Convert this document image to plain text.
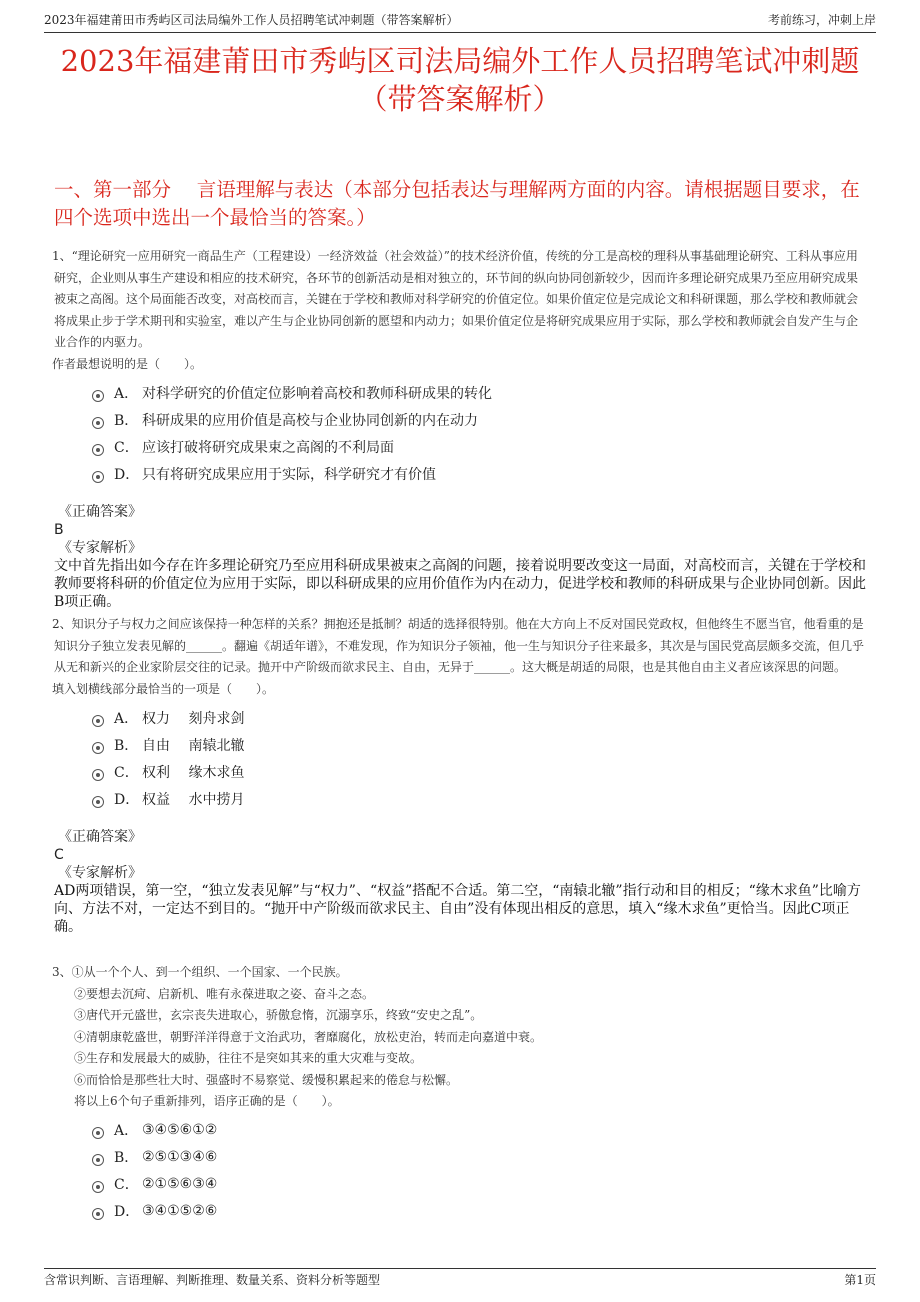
2023年福建莆田市秀屿区司法局编外工作人员招聘笔试冲刺题（带答案解析）	考前练习，冲刺上岸
2023年福建莆田市秀屿区司法局编外工作人员招聘笔试冲刺题
（带答案解析）
一、第一部分　 言语理解与表达（本部分包括表达与理解两方面的内容。请根据题目要求，在四个选项中选出一个最恰当的答案。）
1、“理论研究一应用研究一商品生产（工程建设）一经济效益（社会效益）”的技术经济价值，传统的分工是高校的理科从事基础理论研究、工科从事应用研究，企业则从事生产建设和相应的技术研究，各环节的创新活动是相对独立的，环节间的纵向协同创新较少，因而许多理论研究成果乃至应用研究成果被束之高阁。这个局面能否改变，对高校而言，关键在于学校和教师对科学研究的价值定位。如果价值定位是完成论文和科研课题，那么学校和教师就会将成果止步于学术期刊和实验室，难以产生与企业协同创新的愿望和内动力；如果价值定位是将研究成果应用于实际，那么学校和教师就会自发产生与企业合作的内驱力。
作者最想说明的是（　　）。
A． 对科学研究的价值定位影响着高校和教师科研成果的转化
B． 科研成果的应用价值是高校与企业协同创新的内在动力
C． 应该打破将研究成果束之高阁的不利局面
D． 只有将研究成果应用于实际，科学研究才有价值
《正确答案》
B
《专家解析》
文中首先指出如今存在许多理论研究乃至应用科研成果被束之高阁的问题，接着说明要改变这一局面，对高校而言，关键在于学校和教师要将科研的价值定位为应用于实际，即以科研成果的应用价值作为内在动力，促进学校和教师的科研成果与企业协同创新。因此B项正确。
2、知识分子与权力之间应该保持一种怎样的关系？拥抱还是抵制？胡适的选择很特别。他在大方向上不反对国民党政权，但他终生不愿当官，他看重的是知识分子独立发表见解的______。翻遍《胡适年谱》，不难发现，作为知识分子领袖，他一生与知识分子往来最多，其次是与国民党高层颇多交流，但几乎从无和新兴的企业家阶层交往的记录。抛开中产阶级而欲求民主、自由，无异于______。这大概是胡适的局限，也是其他自由主义者应该深思的问题。
填入划横线部分最恰当的一项是（　　）。
A． 权力　 刻舟求剑
B． 自由　 南辕北辙
C． 权利　 缘木求鱼
D． 权益　 水中捞月
《正确答案》
C
《专家解析》
AD两项错误，第一空，“独立发表见解”与“权力”、“权益”搭配不合适。第二空，“南辕北辙”指行动和目的相反；“缘木求鱼”比喻方向、方法不对，一定达不到目的。“抛开中产阶级而欲求民主、自由”没有体现出相反的意思，填入“缘木求鱼”更恰当。因此C项正确。
3、①从一个个人、到一个组织、一个国家、一个民族。
②要想去沉疴、启新机、唯有永葆进取之姿、奋斗之态。
③唐代开元盛世，玄宗丧失进取心，骄傲怠惰，沉溺享乐，终致“安史之乱”。
④清朝康乾盛世，朝野洋洋得意于文治武功，奢靡腐化，放松吏治，转而走向嘉道中衰。
⑤生存和发展最大的威胁，往往不是突如其来的重大灾难与变故。
⑥而恰恰是那些壮大时、强盛时不易察觉、缓慢积累起来的倦怠与松懈。
将以上6个句子重新排列，语序正确的是（　　）。
A． ③④⑤⑥①②
B． ②⑤①③④⑥
C． ②①⑤⑥③④
D． ③④①⑤②⑥
含常识判断、言语理解、判断推理、数量关系、资料分析等题型	第1页
